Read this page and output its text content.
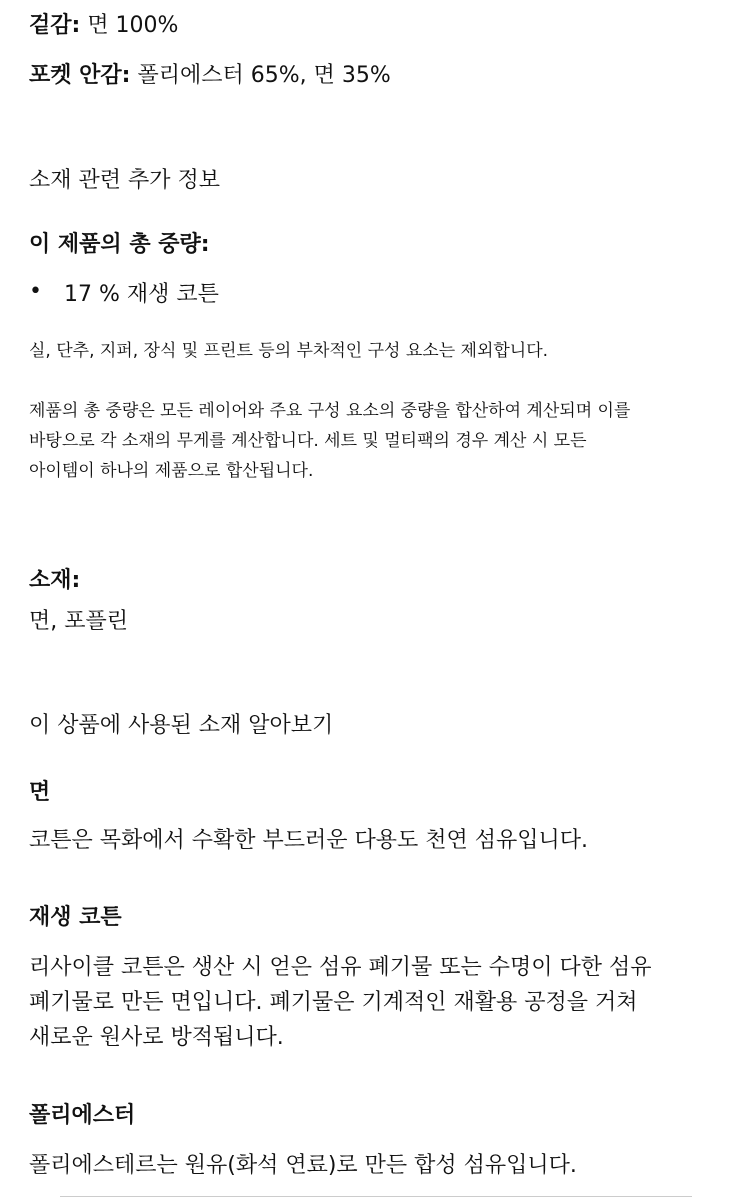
겉감: 면 100%
포켓 안감: 폴리에스터 65%, 면 35%
소재 관련 추가 정보
이 제품의 총 중량:
• 17 % 재생 코튼
실, 단추, 지퍼, 장식 및 프린트 등의 부차적인 구성 요소는 제외합니다.
제품의 총 중량은 모든 레이어와 주요 구성 요소의 중량을 합산하여 계산되며 이를
바탕으로 각 소재의 무게를 계산합니다. 세트 및 멀티팩의 경우 계산 시 모든
아이템이 하나의 제품으로 합산됩니다.
소재:
면, 포플린
이 상품에 사용된 소재 알아보기
면
코튼은 목화에서 수확한 부드러운 다용도 천연 섬유입니다.
재생 코튼
리사이클 코튼은 생산 시 얻은 섬유 폐기물 또는 수명이 다한 섬유
폐기물로 만든 면입니다. 폐기물은 기계적인 재활용 공정을 거쳐
새로운 원사로 방적됩니다.
폴리에스터
폴리에스테르는 원유(화석 연료)로 만든 합성 섬유입니다.
